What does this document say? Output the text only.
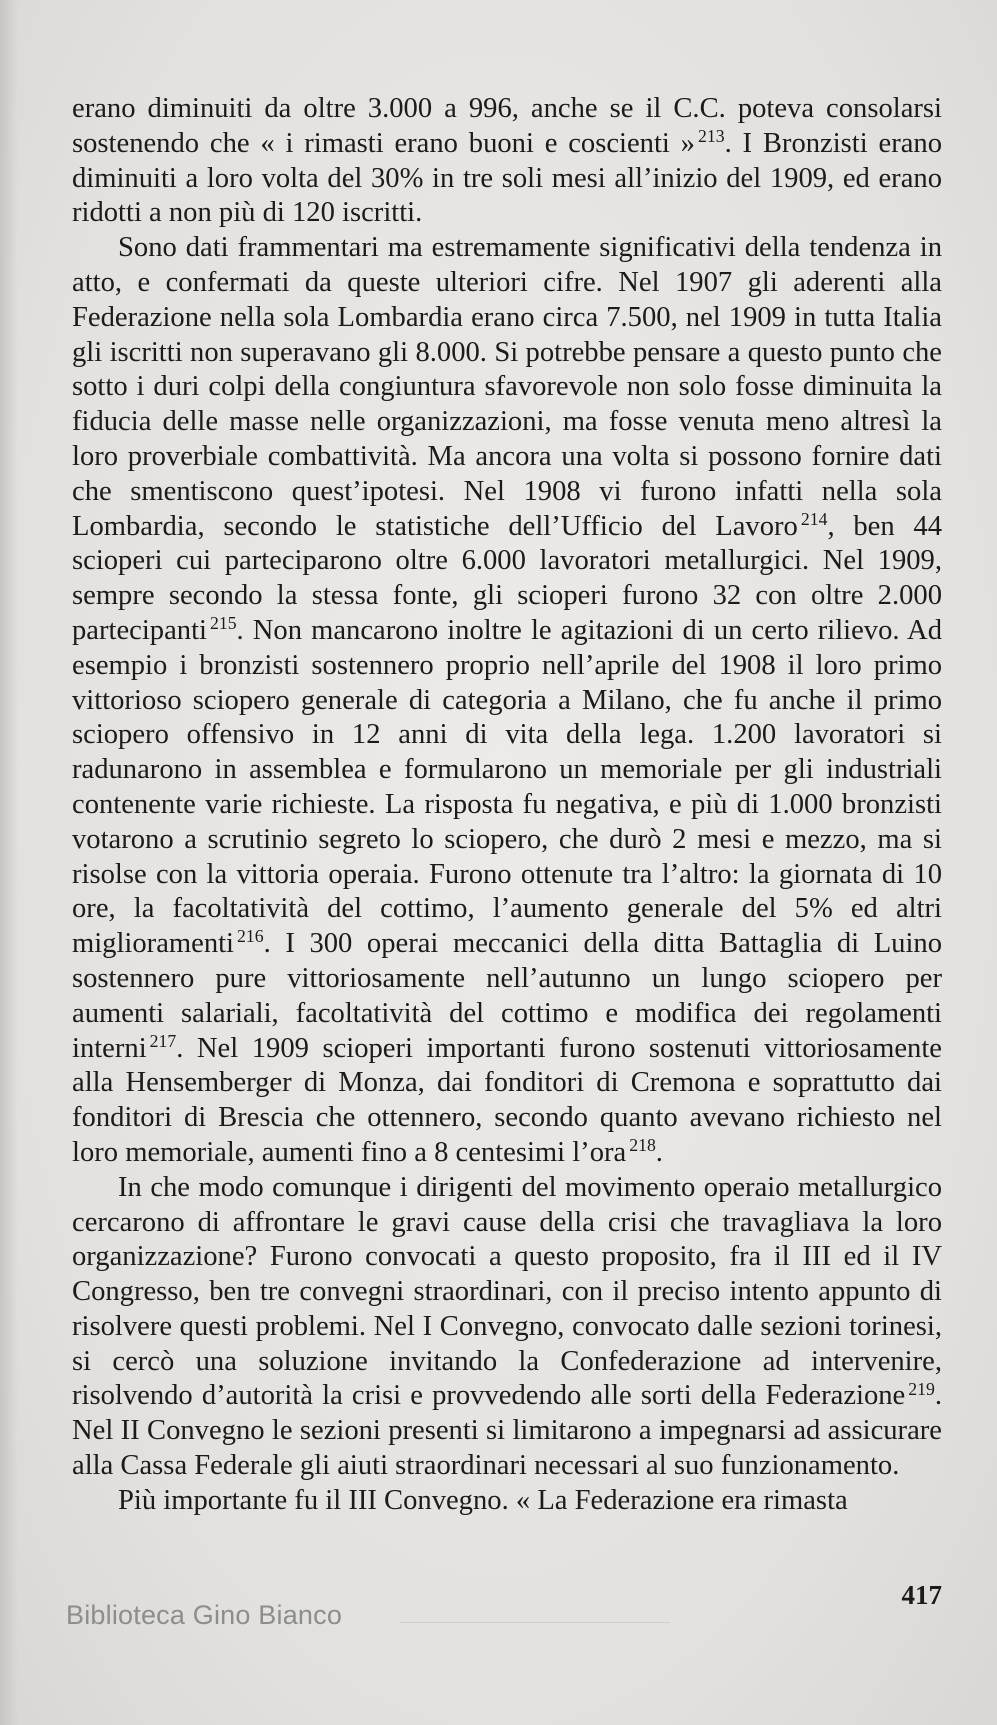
erano diminuiti da oltre 3.000 a 996, anche se il C.C. poteva consolarsi sostenendo che « i rimasti erano buoni e coscienti » $^{213}$. I Bronzisti erano diminuiti a loro volta del 30% in tre soli mesi all’inizio del 1909, ed erano ridotti a non più di 120 iscritti.

Sono dati frammentari ma estremamente significativi della tendenza in atto, e confermati da queste ulteriori cifre. Nel 1907 gli aderenti alla Federazione nella sola Lombardia erano circa 7.500, nel 1909 in tutta Italia gli iscritti non superavano gli 8.000. Si potrebbe pensare a questo punto che sotto i duri colpi della congiuntura sfavorevole non solo fosse diminuita la fiducia delle masse nelle organizzazioni, ma fosse venuta meno altresì la loro proverbiale combattività. Ma ancora una volta si possono fornire dati che smentiscono quest’ipotesi. Nel 1908 vi furono infatti nella sola Lombardia, secondo le statistiche dell’Ufficio del Lavoro $^{214}$, ben 44 scioperi cui parteciparono oltre 6.000 lavoratori metallurgici. Nel 1909, sempre secondo la stessa fonte, gli scioperi furono 32 con oltre 2.000 partecipanti $^{215}$. Non mancarono inoltre le agitazioni di un certo rilievo. Ad esempio i bronzisti sostennero proprio nell’aprile del 1908 il loro primo vittorioso sciopero generale di categoria a Milano, che fu anche il primo sciopero offensivo in 12 anni di vita della lega. 1.200 lavoratori si radunarono in assemblea e formularono un memoriale per gli industriali contenente varie richieste. La risposta fu negativa, e più di 1.000 bronzisti votarono a scrutinio segreto lo sciopero, che durò 2 mesi e mezzo, ma si risolse con la vittoria operaia. Furono ottenute tra l’altro: la giornata di 10 ore, la facoltatività del cottimo, l’aumento generale del 5% ed altri miglioramenti $^{216}$. I 300 operai meccanici della ditta Battaglia di Luino sostennero pure vittoriosamente nell’autunno un lungo sciopero per aumenti salariali, facoltatività del cottimo e modifica dei regolamenti interni $^{217}$. Nel 1909 scioperi importanti furono sostenuti vittoriosamente alla Hensemberger di Monza, dai fonditori di Cremona e soprattutto dai fonditori di Brescia che ottennero, secondo quanto avevano richiesto nel loro memoriale, aumenti fino a 8 centesimi l’ora $^{218}$.

In che modo comunque i dirigenti del movimento operaio metallurgico cercarono di affrontare le gravi cause della crisi che travagliava la loro organizzazione? Furono convocati a questo proposito, fra il III ed il IV Congresso, ben tre convegni straordinari, con il preciso intento appunto di risolvere questi problemi. Nel I Convegno, convocato dalle sezioni torinesi, si cercò una soluzione invitando la Confederazione ad intervenire, risolvendo d’autorità la crisi e provvedendo alle sorti della Federazione $^{219}$. Nel II Convegno le sezioni presenti si limitarono a impegnarsi ad assicurare alla Cassa Federale gli aiuti straordinari necessari al suo funzionamento.

Più importante fu il III Convegno. « La Federazione era rimasta

417
Biblioteca Gino Bianco
